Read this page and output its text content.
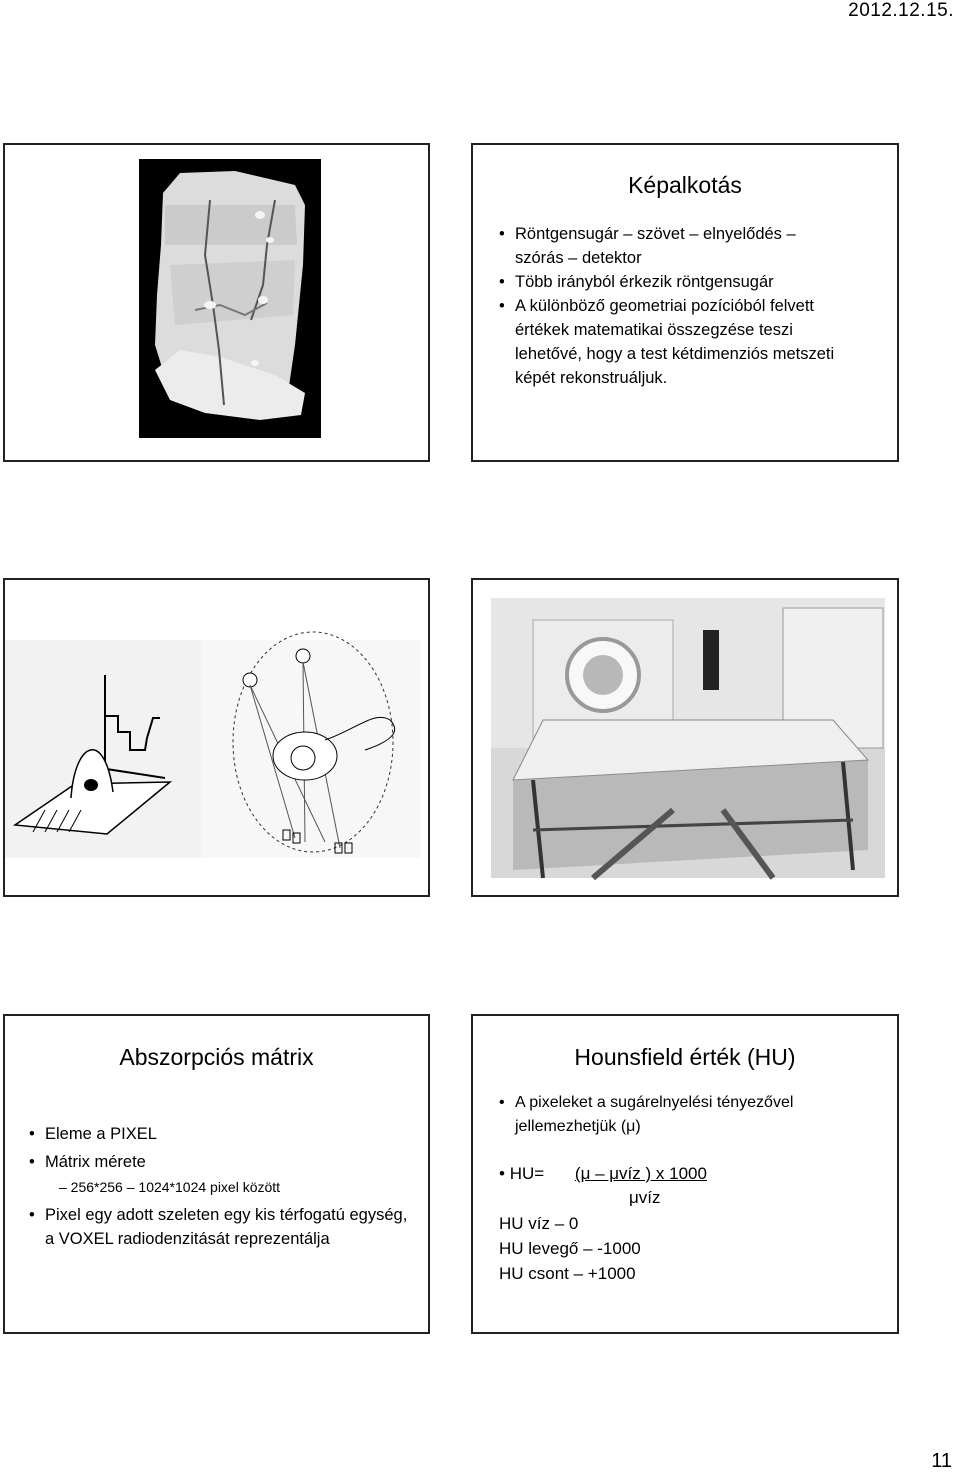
2012.12.15.
Képalkotás
• Röntgensugár – szövet – elnyelődés – szórás – detektor
• Több irányból érkezik röntgensugár
• A különböző geometriai pozícióból felvett értékek matematikai összegzése teszi lehetővé, hogy a test kétdimenziós metszeti képét rekonstruáljuk.
Abszorpciós mátrix
• Eleme a PIXEL
• Mátrix mérete
– 256*256 – 1024*1024 pixel között
• Pixel egy adott szeleten egy kis térfogatú egység, a VOXEL radiodenzitását reprezentálja
Hounsfield érték (HU)
• A pixeleket a sugárelnyelési tényezővel jellemezhetjük (μ)
• HU= (μ – μvíz ) x 1000
μvíz
HU víz – 0
HU levegő – -1000
HU csont – +1000
11
